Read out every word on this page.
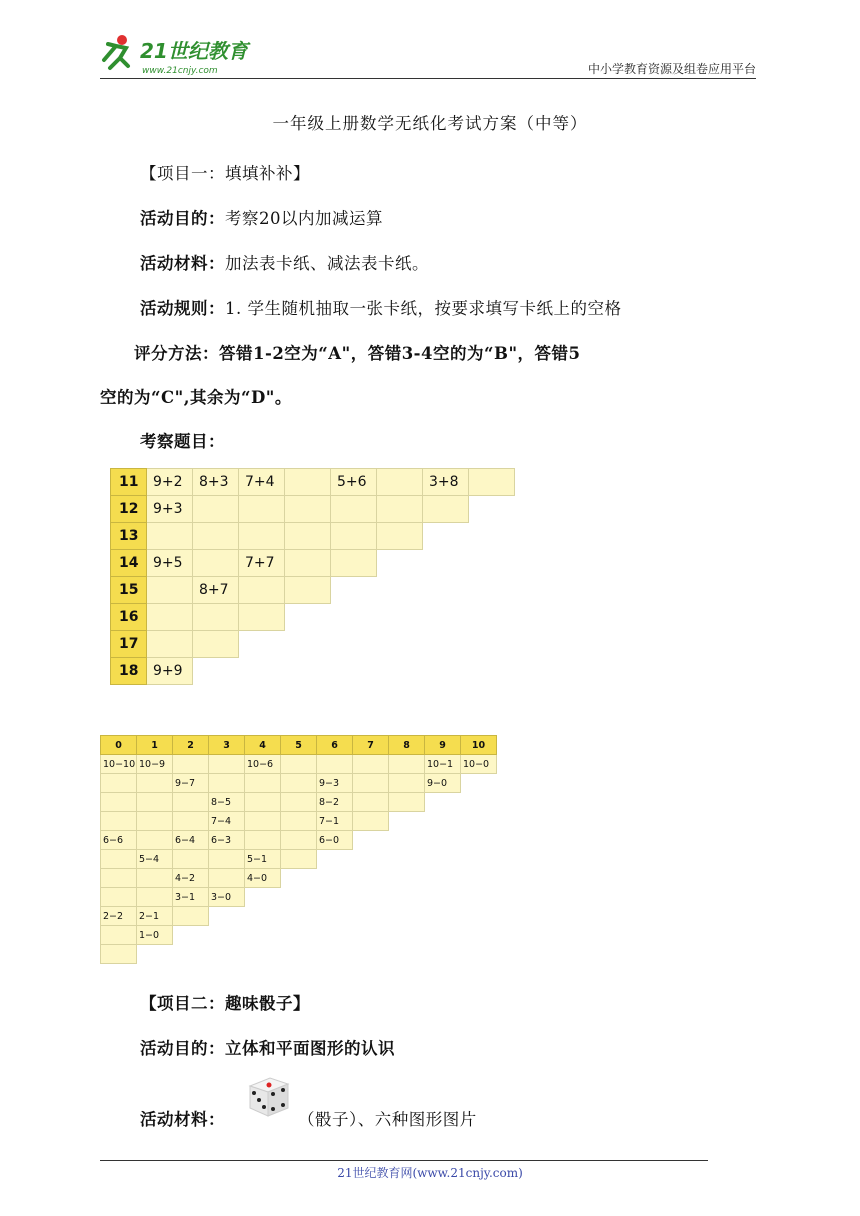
21世纪教育
www.21cnjy.com	中小学教育资源及组卷应用平台
一年级上册数学无纸化考试方案（中等）
【项目一：填填补补】
活动目的：考察20以内加减运算
活动材料：加法表卡纸、减法表卡纸。
活动规则：1. 学生随机抽取一张卡纸，按要求填写卡纸上的空格
评分方法：答错1-2空为“A"，答错3-4空的为“B"，答错5
空的为“C",其余为“D"。
考察题目：
11	9+2	8+3	7+4		5+6		3+8	
12	9+3							
13								
14	9+5		7+7					
15		8+7						
16								
17								
18	9+9							
0	1	2	3	4	5	6	7	8	9	10
10−10	10−9			10−6					10−1	10−0
		9−7				9−3			9−0	
			8−5			8−2				
			7−4			7−1				
6−6		6−4	6−3			6−0				
	5−4			5−1						
		4−2		4−0						
		3−1	3−0							
2−2	2−1									
	1−0									

【项目二：趣味骰子】
活动目的：立体和平面图形的认识
活动材料：	（骰子）、六种图形图片
21世纪教育网(www.21cnjy.com)
